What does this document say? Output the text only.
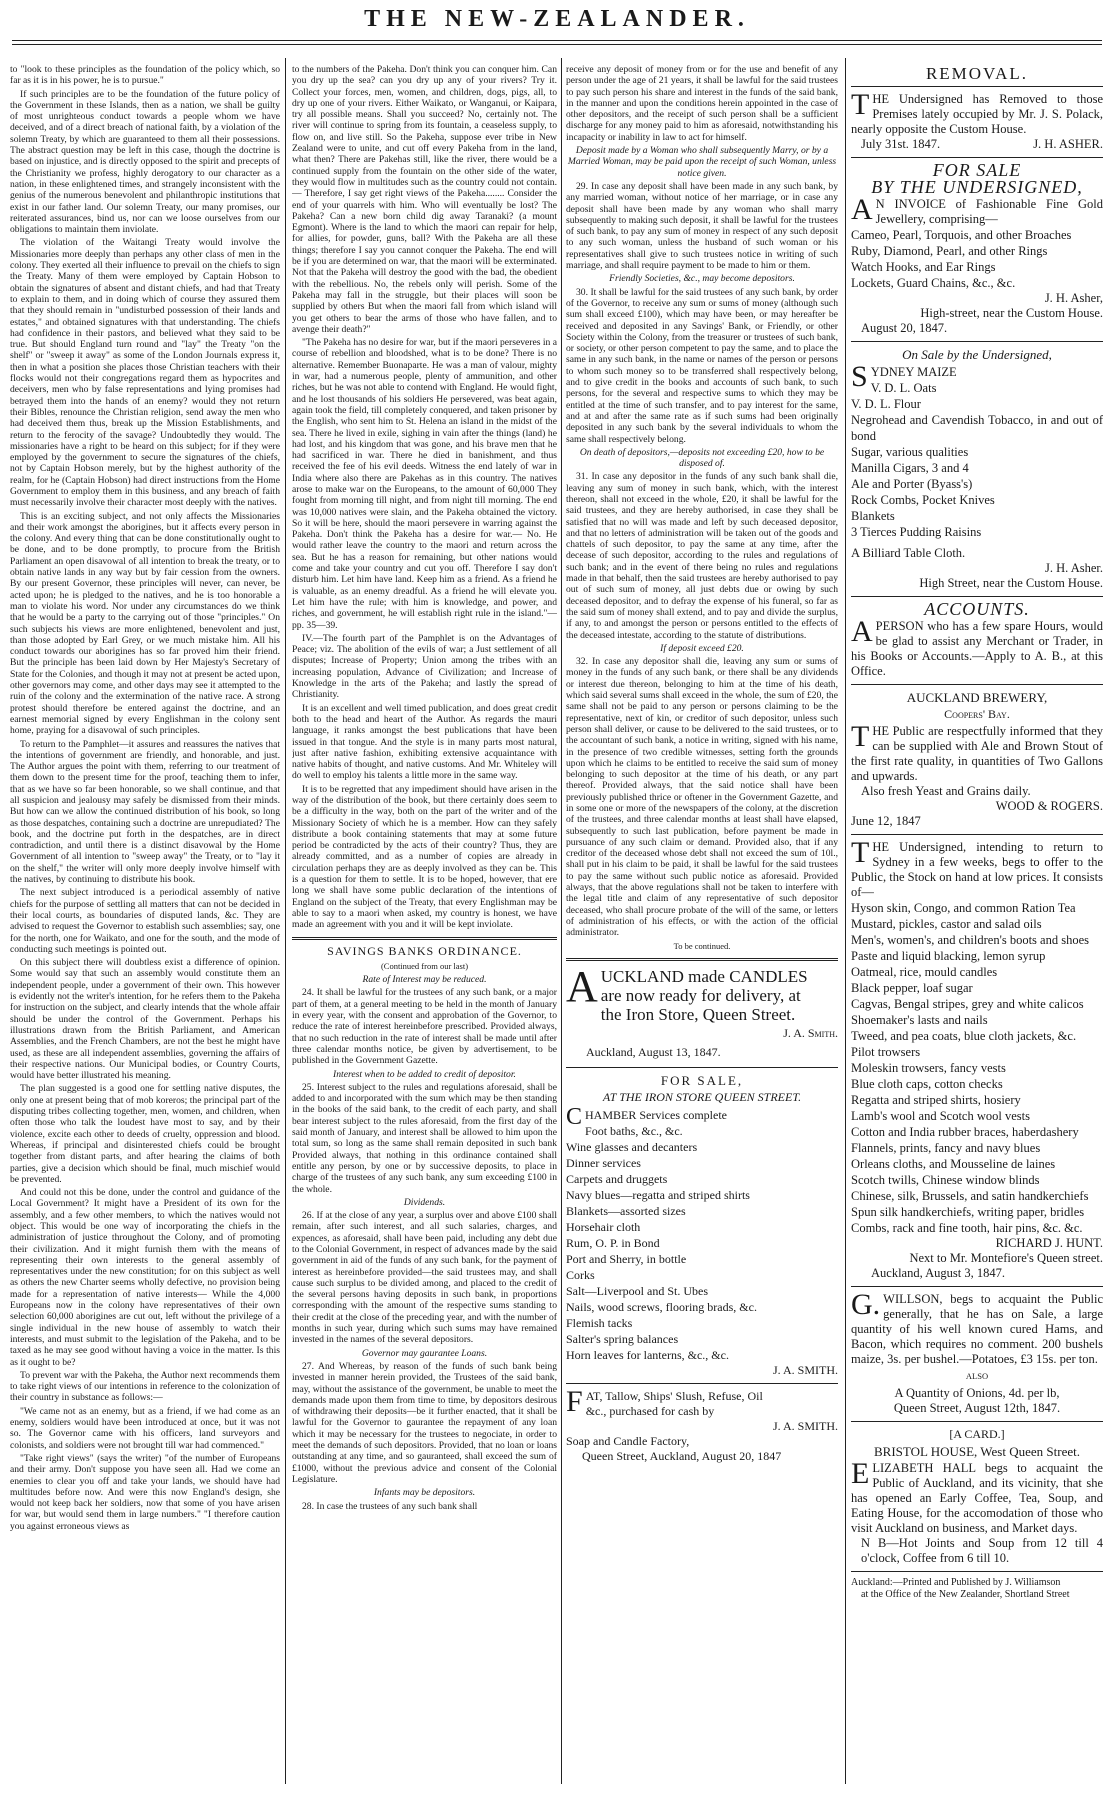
THE NEW-ZEALANDER.

to "look to these principles as the foundation of the policy which, so far as it is in his power, he is to pursue."

If such principles are to be the foundation of the future policy of the Government in these Islands, then as a nation, we shall be guilty of most unrighteous conduct towards a people whom we have deceived, and of a direct breach of national faith, by a violation of the solemn Treaty, by which are guaranteed to them all their possessions. The abstract question may be left in this case, though the doctrine is based on injustice, and is directly opposed to the spirit and precepts of the Christianity we profess, highly derogatory to our character as a nation, in these enlightened times, and strangely inconsistent with the genius of the numerous benevolent and philanthropic institutions that exist in our father land. Our solemn Treaty, our many promises, our reiterated assurances, bind us, nor can we loose ourselves from our obligations to maintain them inviolate.

The violation of the Waitangi Treaty would involve the Missionaries more deeply than perhaps any other class of men in the colony. They exerted all their influence to prevail on the chiefs to sign the Treaty. Many of them were employed by Captain Hobson to obtain the signatures of absent and distant chiefs, and had that Treaty to explain to them, and in doing which of course they assured them that they should remain in "undisturbed possession of their lands and estates," and obtained signatures with that understanding. The chiefs had confidence in their pastors, and believed what they said to be true. But should England turn round and "lay" the Treaty "on the shelf" or "sweep it away" as some of the London Journals express it, then in what a position she places those Christian teachers with their flocks would not their congregations regard them as hypocrites and deceivers, men who by false representations and lying promises had betrayed them into the hands of an enemy? would they not return their Bibles, renounce the Christian religion, send away the men who had deceived them thus, break up the Mission Establishments, and return to the ferocity of the savage? Undoubtedly they would. The missionaries have a right to be heard on this subject; for if they were employed by the government to secure the signatures of the chiefs, not by Captain Hobson merely, but by the highest authority of the realm, for he (Captain Hobson) had direct instructions from the Home Government to employ them in this business, and any breach of faith must necessarily involve their character most deeply with the natives.

This is an exciting subject, and not only affects the Missionaries and their work amongst the aborigines, but it affects every person in the colony. And every thing that can be done constitutionally ought to be done, and to be done promptly, to procure from the British Parliament an open disavowal of all intention to break the treaty, or to obtain native lands in any way but by fair cession from the owners. By our present Governor, these principles will never, can never, be acted upon; he is pledged to the natives, and he is too honorable a man to violate his word. Nor under any circumstances do we think that he would be a party to the carrying out of those "principles." On such subjects his views are more enlightened, benevolent and just, than those adopted by Earl Grey, or we much mistake him. All his conduct towards our aborigines has so far proved him their friend. But the principle has been laid down by Her Majesty's Secretary of State for the Colonies, and though it may not at present be acted upon, other governors may come, and other days may see it attempted to the ruin of the colony and the extermination of the native race. A strong protest should therefore be entered against the doctrine, and an earnest memorial signed by every Englishman in the colony sent home, praying for a disavowal of such principles.

To return to the Pamphlet—it assures and reassures the natives that the intentions of government are friendly, and honorable, and just. The Author argues the point with them, referring to our treatment of them down to the present time for the proof, teaching them to infer, that as we have so far been honorable, so we shall continue, and that all suspicion and jealousy may safely be dismissed from their minds. But how can we allow the continued distribution of his book, so long as those despatches, containing such a doctrine are unrepudiated? The book, and the doctrine put forth in the despatches, are in direct contradiction, and until there is a distinct disavowal by the Home Government of all intention to "sweep away" the Treaty, or to "lay it on the shelf," the writer will only more deeply involve himself with the natives, by continuing to distribute his book.

The next subject introduced is a periodical assembly of native chiefs for the purpose of settling all matters that can not be decided in their local courts, as boundaries of disputed lands, &c. They are advised to request the Governor to establish such assemblies; say, one for the north, one for Waikato, and one for the south, and the mode of conducting such meetings is pointed out.

On this subject there will doubtless exist a difference of opinion. Some would say that such an assembly would constitute them an independent people, under a government of their own. This however is evidently not the writer's intention, for he refers them to the Pakeha for instruction on the subject, and clearly intends that the whole affair should be under the control of the Government. Perhaps his illustrations drawn from the British Parliament, and American Assemblies, and the French Chambers, are not the best he might have used, as these are all independent assemblies, governing the affairs of their respective nations. Our Municipal bodies, or Country Courts, would have better illustrated his meaning.

The plan suggested is a good one for settling native disputes, the only one at present being that of mob koreros; the principal part of the disputing tribes collecting together, men, women, and children, when often those who talk the loudest have most to say, and by their violence, excite each other to deeds of cruelty, oppression and blood. Whereas, if principal and disinterested chiefs could be brought together from distant parts, and after hearing the claims of both parties, give a decision which should be final, much mischief would be prevented.

And could not this be done, under the control and guidance of the Local Government? It might have a President of its own for the assembly, and a few other members, to which the natives would not object. This would be one way of incorporating the chiefs in the administration of justice throughout the Colony, and of promoting their civilization. And it might furnish them with the means of representing their own interests to the general assembly of representatives under the new constitution; for on this subject as well as others the new Charter seems wholly defective, no provision being made for a representation of native interests— While the 4,000 Europeans now in the colony have representatives of their own selection 60,000 aborigines are cut out, left without the privilege of a single individual in the new house of assembly to watch their interests, and must submit to the legislation of the Pakeha, and to be taxed as he may see good without having a voice in the matter. Is this as it ought to be?

To prevent war with the Pakeha, the Author next recommends them to take right views of our intentions in reference to the colonization of their country in substance as follows:—

"We came not as an enemy, but as a friend, if we had come as an enemy, soldiers would have been introduced at once, but it was not so. The Governor came with his officers, land surveyors and colonists, and soldiers were not brought till war had commenced."

"Take right views" (says the writer) "of the number of Europeans and their army. Don't suppose you have seen all. Had we come an enemies to clear you off and take your lands, we should have had multitudes before now. And were this now England's design, she would not keep back her soldiers, now that some of you have arisen for war, but would send them in large numbers." "I therefore caution you against erroneous views as

to the numbers of the Pakeha. Don't think you can conquer him. Can you dry up the sea? can you dry up any of your rivers? Try it. Collect your forces, men, women, and children, dogs, pigs, all, to dry up one of your rivers. Either Waikato, or Wanganui, or Kaipara, try all possible means. Shall you succeed? No, certainly not. The river will continue to spring from its fountain, a ceaseless supply, to flow on, and live still. So the Pakeha, suppose ever tribe in New Zealand were to unite, and cut off every Pakeha from in the land, what then? There are Pakehas still, like the river, there would be a continued supply from the fountain on the other side of the water, they would flow in multitudes such as the country could not contain.— Therefore, I say get right views of the Pakeha........ Consider the end of your quarrels with him. Who will eventually be lost? The Pakeha? Can a new born child dig away Taranaki? (a mount Egmont). Where is the land to which the maori can repair for help, for allies, for powder, guns, ball? With the Pakeha are all these things; therefore I say you cannot conquer the Pakeha. The end will be if you are determined on war, that the maori will be exterminated. Not that the Pakeha will destroy the good with the bad, the obedient with the rebellious. No, the rebels only will perish. Some of the Pakeha may fall in the struggle, but their places will soon be supplied by others But when the maori fall from which island will you get others to bear the arms of those who have fallen, and to avenge their death?"

"The Pakeha has no desire for war, but if the maori perseveres in a course of rebellion and bloodshed, what is to be done? There is no alternative. Remember Buonaparte. He was a man of valour, mighty in war, had a numerous people, plenty of ammunition, and other riches, but he was not able to contend with England. He would fight, and he lost thousands of his soldiers He persevered, was beat again, again took the field, till completely conquered, and taken prisoner by the English, who sent him to St. Helena an island in the midst of the sea. There he lived in exile, sighing in vain after the things (land) he had lost, and his kingdom that was gone, and his brave men that he had sacrificed in war. There he died in banishment, and thus received the fee of his evil deeds. Witness the end lately of war in India where also there are Pakehas as in this country. The natives arose to make war on the Europeans, to the amount of 60,000 They fought from morning till night, and from night till morning. The end was 10,000 natives were slain, and the Pakeha obtained the victory. So it will be here, should the maori persevere in warring against the Pakeha. Don't think the Pakeha has a desire for war.— No. He would rather leave the country to the maori and return across the sea. But he has a reason for remaining, but other nations would come and take your country and cut you off. Therefore I say don't disturb him. Let him have land. Keep him as a friend. As a friend he is valuable, as an enemy dreadful. As a friend he will elevate you. Let him have the rule; with him is knowledge, and power, and riches, and government, he will establish right rule in the island."— pp. 35—39.

IV.—The fourth part of the Pamphlet is on the Advantages of Peace; viz. The abolition of the evils of war; a Just settlement of all disputes; Increase of Property; Union among the tribes with an increasing population, Advance of Civilization; and Increase of Knowledge in the arts of the Pakeha; and lastly the spread of Christianity.

It is an excellent and well timed publication, and does great credit both to the head and heart of the Author. As regards the mauri language, it ranks amongst the best publications that have been issued in that tongue. And the style is in many parts most natural, just after native fashion, exhibiting extensive acquaintance with native habits of thought, and native customs. And Mr. Whiteley will do well to employ his talents a little more in the same way.

It is to be regretted that any impediment should have arisen in the way of the distribution of the book, but there certainly does seem to be a difficulty in the way, both on the part of the writer and of the Missionary Society of which he is a member. How can they safely distribute a book containing statements that may at some future period be contradicted by the acts of their country? Thus, they are already committed, and as a number of copies are already in circulation perhaps they are as deeply involved as they can be. This is a question for them to settle. It is to be hoped, however, that ere long we shall have some public declaration of the intentions of England on the subject of the Treaty, that every Englishman may be able to say to a maori when asked, my country is honest, we have made an agreement with you and it will be kept inviolate.

SAVINGS BANKS ORDINANCE.
(Continued from our last)
Rate of Interest may be reduced.

24. It shall be lawful for the trustees of any such bank, or a major part of them, at a general meeting to be held in the month of January in every year, with the consent and approbation of the Governor, to reduce the rate of interest hereinbefore prescribed. Provided always, that no such reduction in the rate of interest shall be made until after three calendar months notice, be given by advertisement, to be published in the Government Gazette.

Interest when to be added to credit of depositor.

25. Interest subject to the rules and regulations aforesaid, shall be added to and incorporated with the sum which may be then standing in the books of the said bank, to the credit of each party, and shall bear interest subject to the rules aforesaid, from the first day of the said month of January, and interest shall be allowed to him upon the total sum, so long as the same shall remain deposited in such bank Provided always, that nothing in this ordinance contained shall entitle any person, by one or by successive deposits, to place in charge of the trustees of any such bank, any sum exceeding £100 in the whole.

Dividends.

26. If at the close of any year, a surplus over and above £100 shall remain, after such interest, and all such salaries, charges, and expences, as aforesaid, shall have been paid, including any debt due to the Colonial Government, in respect of advances made by the said government in aid of the funds of any such bank, for the payment of interest as hereinbefore provided—the said trustees may, and shall cause such surplus to be divided among, and placed to the credit of the several persons having deposits in such bank, in proportions corresponding with the amount of the respective sums standing to their credit at the close of the preceding year, and with the number of months in such year, during which such sums may have remained invested in the names of the several depositors.

Governor may gaurantee Loans.

27. And Whereas, by reason of the funds of such bank being invested in manner herein provided, the Trustees of the said bank, may, without the assistance of the government, be unable to meet the demands made upon them from time to time, by depositors desirous of withdrawing their deposits—be it further enacted, that it shall be lawful for the Governor to gaurantee the repayment of any loan which it may be necessary for the trustees to negociate, in order to meet the demands of such depositors. Provided, that no loan or loans outstanding at any time, and so gauranteed, shall exceed the sum of £1000, without the previous advice and consent of the Colonial Legislature.

Infants may be depositors.

28. In case the trustees of any such bank shall

receive any deposit of money from or for the use and benefit of any person under the age of 21 years, it shall be lawful for the said trustees to pay such person his share and interest in the funds of the said bank, in the manner and upon the conditions herein appointed in the case of other depositors, and the receipt of such person shall be a sufficient discharge for any money paid to him as aforesaid, notwithstanding his incapacity or inability in law to act for himself.

Deposit made by a Woman who shall subsequently Marry, or by a Married Woman, may be paid upon the receipt of such Woman, unless notice given.

29. In case any deposit shall have been made in any such bank, by any married woman, without notice of her marriage, or in case any deposit shall have been made by any woman who shall marry subsequently to making such deposit, it shall be lawful for the trustees of such bank, to pay any sum of money in respect of any such deposit to any such woman, unless the husband of such woman or his representatives shall give to such trustees notice in writing of such marriage, and shall require payment to be made to him or them.

Friendly Societies, &c., may become depositors.

30. It shall be lawful for the said trustees of any such bank, by order of the Governor, to receive any sum or sums of money (although such sum shall exceed £100), which may have been, or may hereafter be received and deposited in any Savings' Bank, or Friendly, or other Society within the Colony, from the treasurer or trustees of such bank, or society, or other person competent to pay the same, and to place the same in any such bank, in the name or names of the person or persons to whom such money so to be transferred shall respectively belong, and to give credit in the books and accounts of such bank, to such persons, for the several and respective sums to which they may be entitled at the time of such transfer, and to pay interest for the same, and at and after the same rate as if such sums had been originally deposited in any such bank by the several individuals to whom the same shall respectively belong.

On death of depositors,—deposits not exceeding £20, how to be disposed of.

31. In case any depositor in the funds of any such bank shall die, leaving any sum of money in such bank, which, with the interest thereon, shall not exceed in the whole, £20, it shall be lawful for the said trustees, and they are hereby authorised, in case they shall be satisfied that no will was made and left by such deceased depositor, and that no letters of administration will be taken out of the goods and chattels of such depositor, to pay the same at any time, after the decease of such depositor, according to the rules and regulations of such bank; and in the event of there being no rules and regulations made in that behalf, then the said trustees are hereby authorised to pay out of such sum of money, all just debts due or owing by such deceased depositor, and to defray the expense of his funeral, so far as the said sum of money shall extend, and to pay and divide the surplus, if any, to and amongst the person or persons entitled to the effects of the deceased intestate, according to the statute of distributions.

If deposit exceed £20.

32. In case any depositor shall die, leaving any sum or sums of money in the funds of any such bank, or there shall be any dividends or interest due thereon, belonging to him at the time of his death, which said several sums shall exceed in the whole, the sum of £20, the same shall not be paid to any person or persons claiming to be the representative, next of kin, or creditor of such depositor, unless such person shall deliver, or cause to be delivered to the said trustees, or to the accountant of such bank, a notice in writing, signed with his name, in the presence of two credible witnesses, setting forth the grounds upon which he claims to be entitled to receive the said sum of money belonging to such depositor at the time of his death, or any part thereof. Provided always, that the said notice shall have been previously published thrice or oftener in the Government Gazette, and in some one or more of the newspapers of the colony, at the discretion of the trustees, and three calendar months at least shall have elapsed, subsequently to such last publication, before payment be made in pursuance of any such claim or demand. Provided also, that if any creditor of the deceased whose debt shall not exceed the sum of 10l., shall put in his claim to be paid, it shall be lawful for the said trustees to pay the same without such public notice as aforesaid. Provided always, that the above regulations shall not be taken to interfere with the legal title and claim of any representative of such depositor deceased, who shall procure probate of the will of the same, or letters of administration of his effects, or with the action of the official administrator.

To be continued.
A UCKLAND made CANDLES
are now ready for delivery, at
the Iron Store, Queen Street.
J. A. Smith.
Auckland, August 13, 1847.
FOR SALE,
AT THE IRON STORE QUEEN STREET.
CHAMBER Services complete
Foot baths, &c., &c.
Wine glasses and decanters
Dinner services
Carpets and druggets
Navy blues—regatta and striped shirts
Blankets—assorted sizes
Horsehair cloth
Rum, O. P. in Bond
Port and Sherry, in bottle
Corks
Salt—Liverpool and St. Ubes
Nails, wood screws, flooring brads, &c.
Flemish tacks
Salter's spring balances
Horn leaves for lanterns, &c., &c.
J. A. SMITH.
FAT, Tallow, Ships' Slush, Refuse, Oil
&c., purchased for cash by
J. A. SMITH.
Soap and Candle Factory,
Queen Street, Auckland, August 20, 1847
REMOVAL.
THE Undersigned has Removed to those Premises lately occupied by Mr. J. S. Polack, nearly opposite the Custom House.
J. H. ASHER.
July 31st. 1847.
FOR SALE
BY THE UNDERSIGNED,
A N INVOICE of Fashionable Fine Gold Jewellery, comprising—
Cameo, Pearl, Torquois, and other Broaches
Ruby, Diamond, Pearl, and other Rings
Watch Hooks, and Ear Rings
Lockets, Guard Chains, &c., &c.
J. H. Asher,
High-street, near the Custom House.
August 20, 1847.
On Sale by the Undersigned,
SYDNEY MAIZE
V. D. L. Oats
V. D. L. Flour
Negrohead and Cavendish Tobacco, in and out of bond
Sugar, various qualities
Manilla Cigars, 3 and 4
Ale and Porter (Byass's)
Rock Combs, Pocket Knives
Blankets
3 Tierces Pudding Raisins
A Billiard Table Cloth.
J. H. Asher.
High Street, near the Custom House.
ACCOUNTS.
APERSON who has a few spare Hours, would be glad to assist any Merchant or Trader, in his Books or Accounts.—Apply to A. B., at this Office.
AUCKLAND BREWERY,
Coopers' Bay.
THE Public are respectfully informed that they can be supplied with Ale and Brown Stout of the first rate quality, in quantities of Two Gallons and upwards.
Also fresh Yeast and Grains daily.
WOOD & ROGERS.
June 12, 1847
THE Undersigned, intending to return to Sydney in a few weeks, begs to offer to the Public, the Stock on hand at low prices. It consists of—
Hyson skin, Congo, and common Ration Tea
Mustard, pickles, castor and salad oils
Men's, women's, and children's boots and shoes
Paste and liquid blacking, lemon syrup
Oatmeal, rice, mould candles
Black pepper, loaf sugar
Cagvas, Bengal stripes, grey and white calicos
Shoemaker's lasts and nails
Tweed, and pea coats, blue cloth jackets, &c.
Pilot trowsers
Moleskin trowsers, fancy vests
Blue cloth caps, cotton checks
Regatta and striped shirts, hosiery
Lamb's wool and Scotch wool vests
Cotton and India rubber braces, haberdashery
Flannels, prints, fancy and navy blues
Orleans cloths, and Mousseline de laines
Scotch twills, Chinese window blinds
Chinese, silk, Brussels, and satin handkerchiefs
Spun silk handkerchiefs, writing paper, bridles
Combs, rack and fine tooth, hair pins, &c. &c.
RICHARD J. HUNT.
Next to Mr. Montefiore's Queen street.
Auckland, August 3, 1847.
G. WILLSON, begs to acquaint the Public generally, that he has on Sale, a large quantity of his well known cured Hams, and Bacon, which requires no comment. 200 bushels maize, 3s. per bushel.—Potatoes, £3 15s. per ton.
ALSO
A Quantity of Onions, 4d. per lb,
Queen Street, August 12th, 1847.
[A CARD.]
BRISTOL HOUSE, West Queen Street.
ELIZABETH HALL begs to acquaint the Public of Auckland, and its vicinity, that she has opened an Early Coffee, Tea, Soup, and Eating House, for the accomodation of those who visit Auckland on business, and Market days.
N B—Hot Joints and Soup from 12 till 4 o'clock, Coffee from 6 till 10.
Auckland:—Printed and Published by J. Williamson
at the Office of the New Zealander, Shortland Street
